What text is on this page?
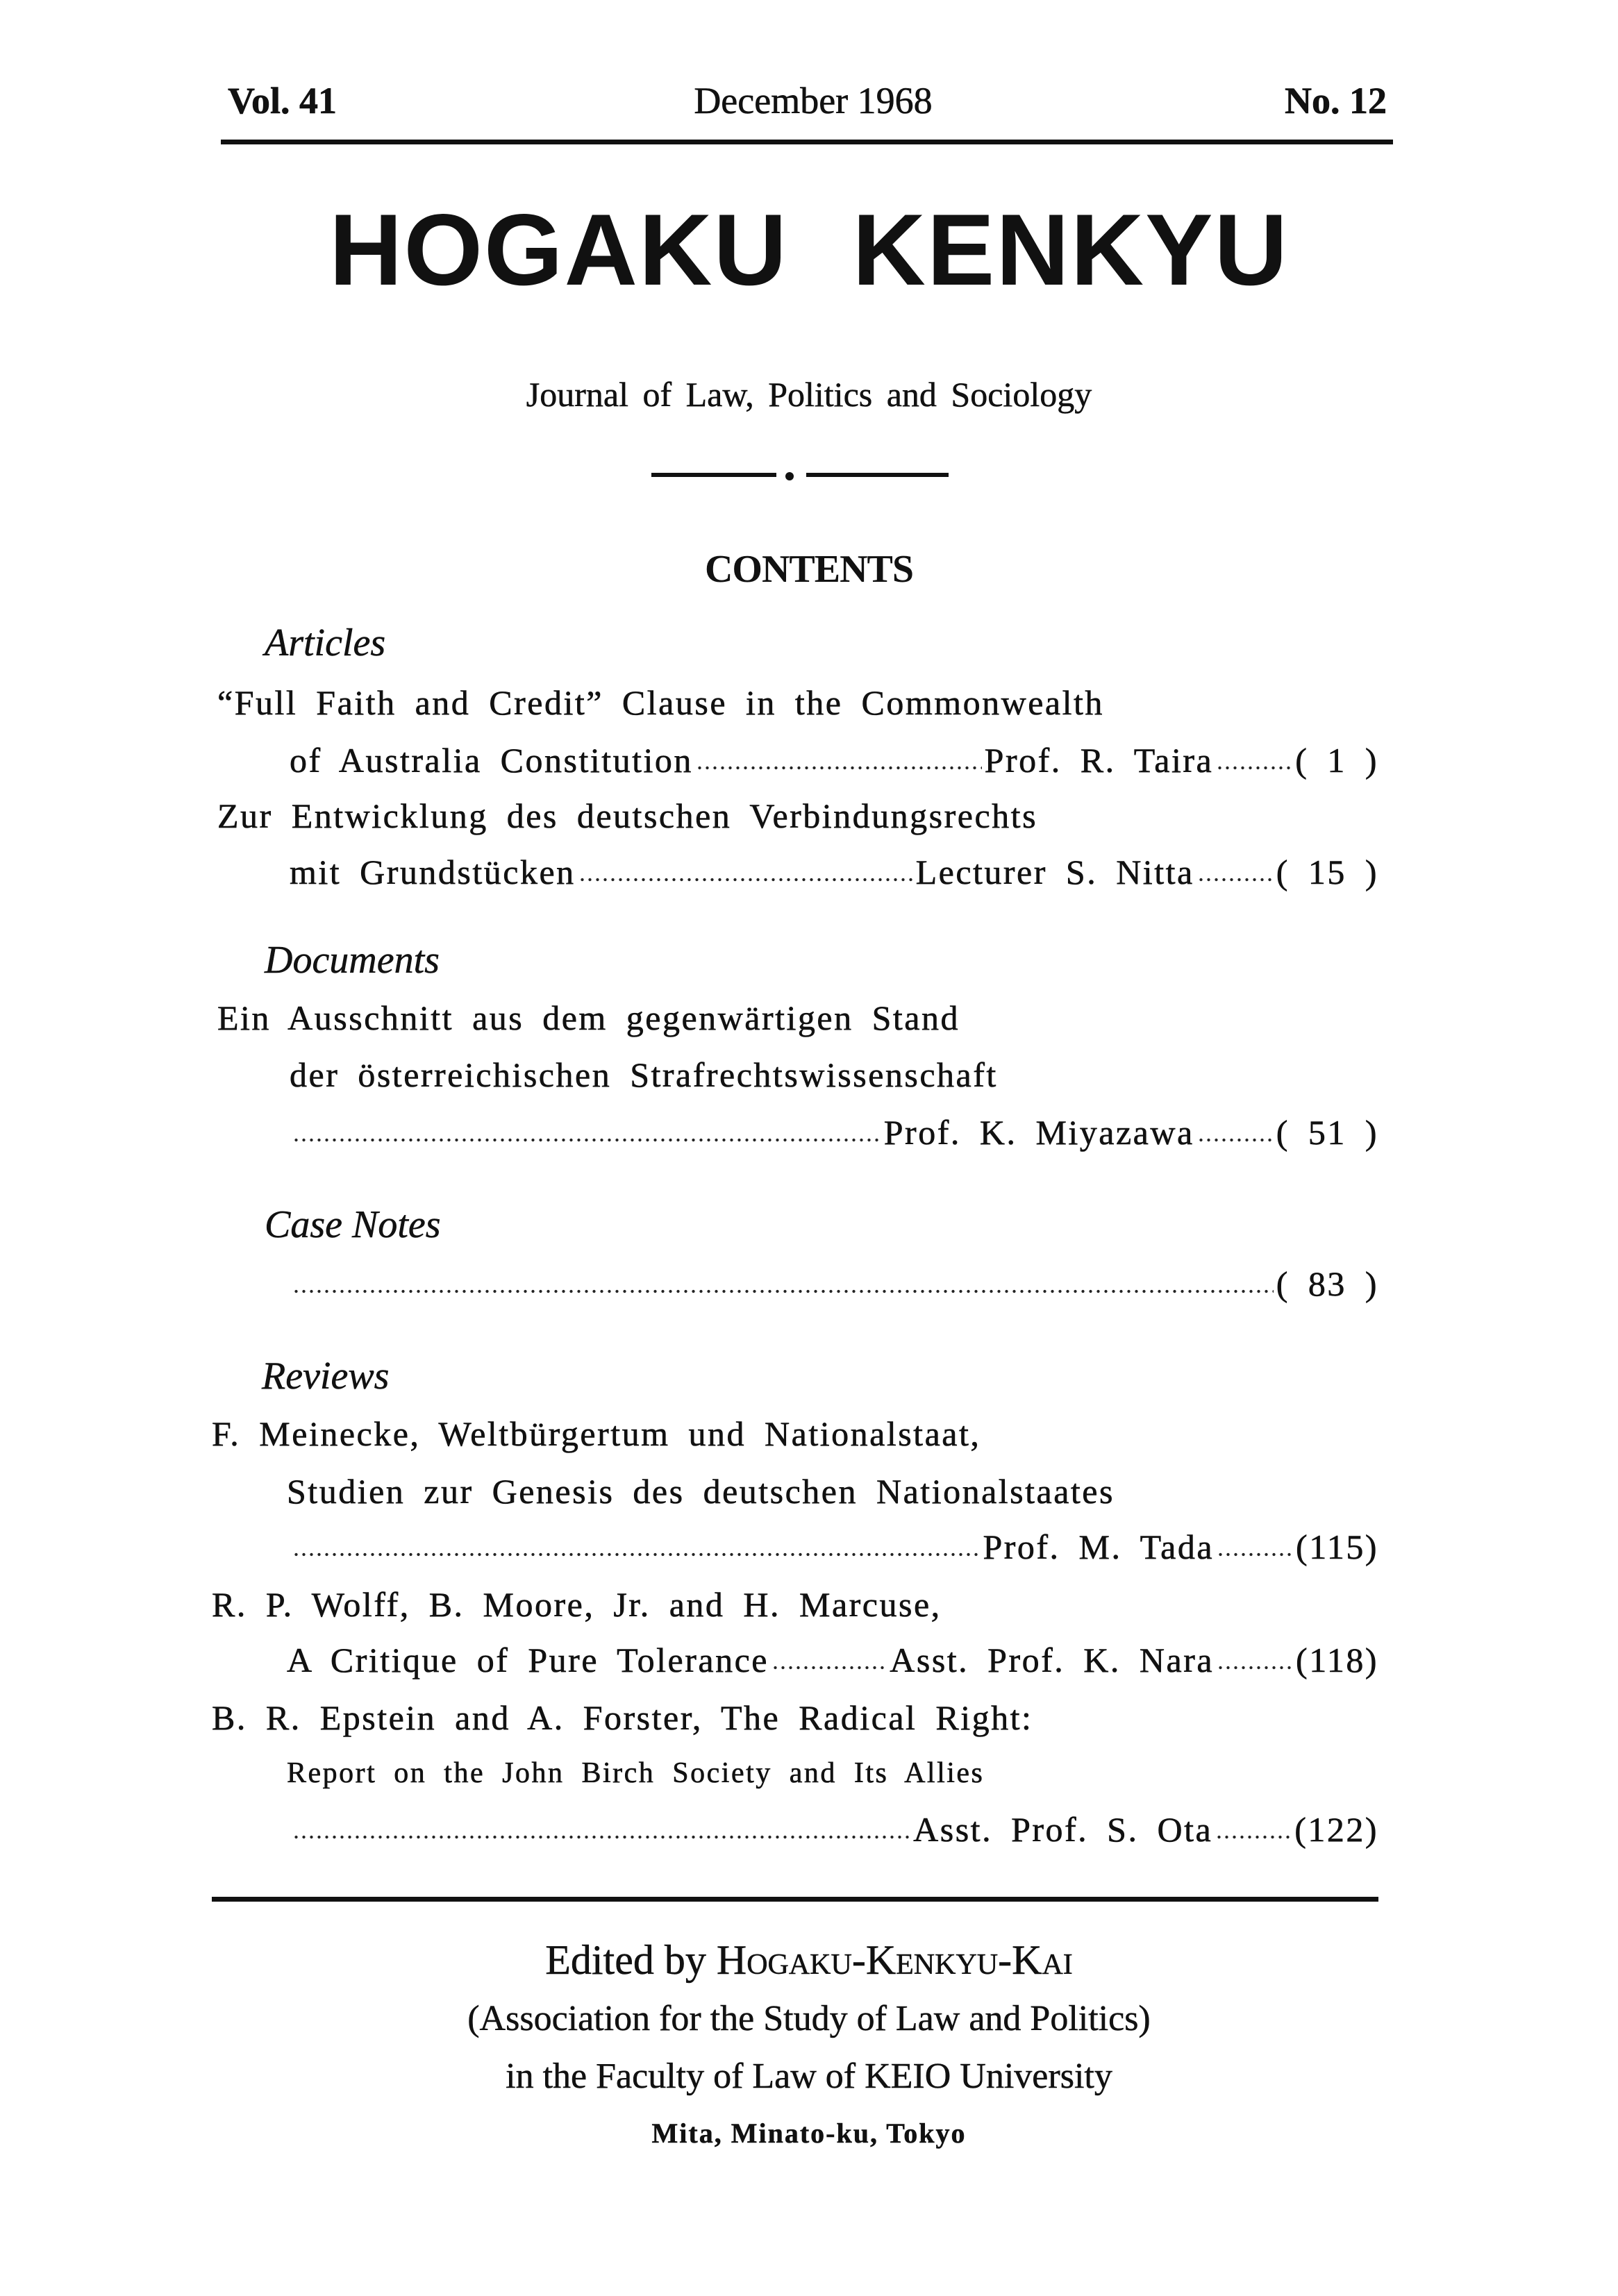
Vol. 41	December 1968	No. 12
HOGAKU KENKYU
Journal of Law, Politics and Sociology
CONTENTS
Articles
“Full Faith and Credit” Clause in the Commonwealth
of Australia Constitution	Prof. R. Taira ( 1 )
Zur Entwicklung des deutschen Verbindungsrechts
mit Grundstücken	Lecturer S. Nitta ( 15 )
Documents
Ein Ausschnitt aus dem gegenwärtigen Stand
der österreichischen Strafrechtswissenschaft
Prof. K. Miyazawa ( 51 )
Case Notes
( 83 )
Reviews
F. Meinecke, Weltbürgertum und Nationalstaat,
Studien zur Genesis des deutschen Nationalstaates
Prof. M. Tada (115)
R. P. Wolff, B. Moore, Jr. and H. Marcuse,
A Critique of Pure Tolerance	Asst. Prof. K. Nara (118)
B. R. Epstein and A. Forster, The Radical Right:
Report on the John Birch Society and Its Allies
Asst. Prof. S. Ota (122)
Edited by Hogaku-Kenkyu-Kai
(Association for the Study of Law and Politics)
in the Faculty of Law of KEIO University
Mita, Minato-ku, Tokyo
